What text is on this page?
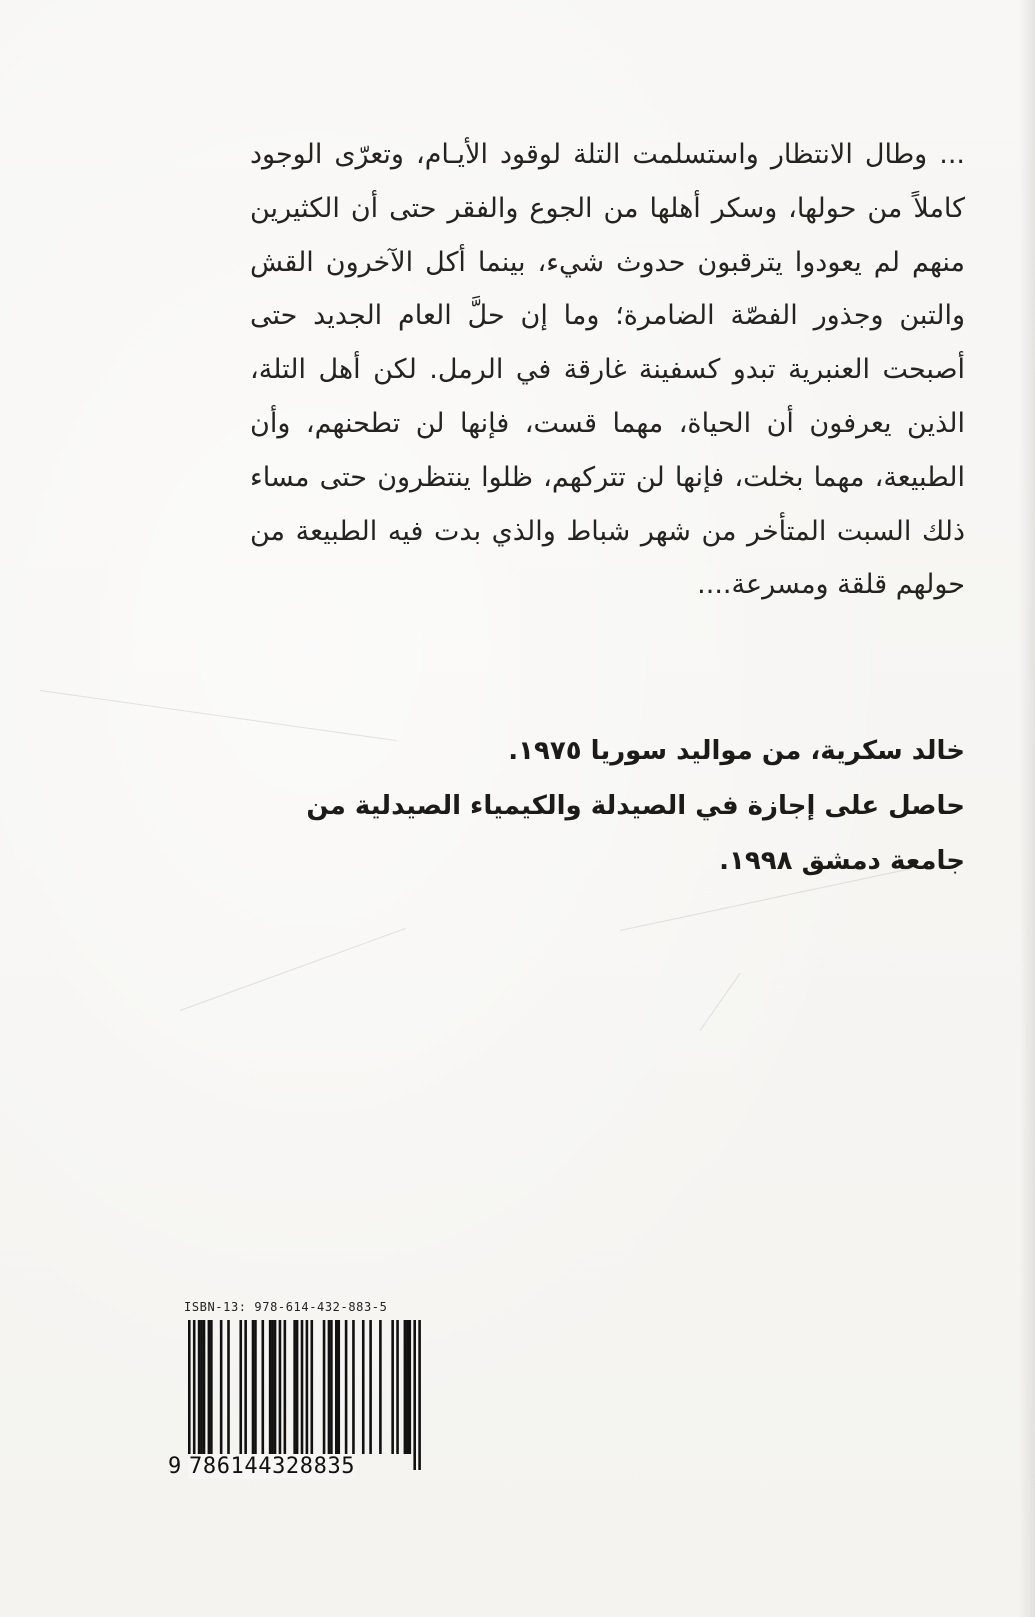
... وطال الانتظار واستسلمت التلة لوقود الأيـام، وتعرّى الوجود كاملاً من حولها، وسكر أهلها من الجوع والفقر حتى أن الكثيرين منهم لم يعودوا يترقبون حدوث شيء، بينما أكل الآخرون القش والتبن وجذور الفصّة الضامرة؛ وما إن حلَّ العام الجديد حتى أصبحت العنبرية تبدو كسفينة غارقة في الرمل. لكن أهل التلة، الذين يعرفون أن الحياة، مهما قست، فإنها لن تطحنهم، وأن الطبيعة، مهما بخلت، فإنها لن تتركهم، ظلوا ينتظرون حتى مساء ذلك السبت المتأخر من شهر شباط والذي بدت فيه الطبيعة من حولهم قلقة ومسرعة....

خالد سكرية، من مواليد سوريا ١٩٧٥.

حاصل على إجازة في الصيدلة والكيمياء الصيدلية من جامعة دمشق ١٩٩٨.

ISBN-13: 978-614-432-883-5
9 786144328835
